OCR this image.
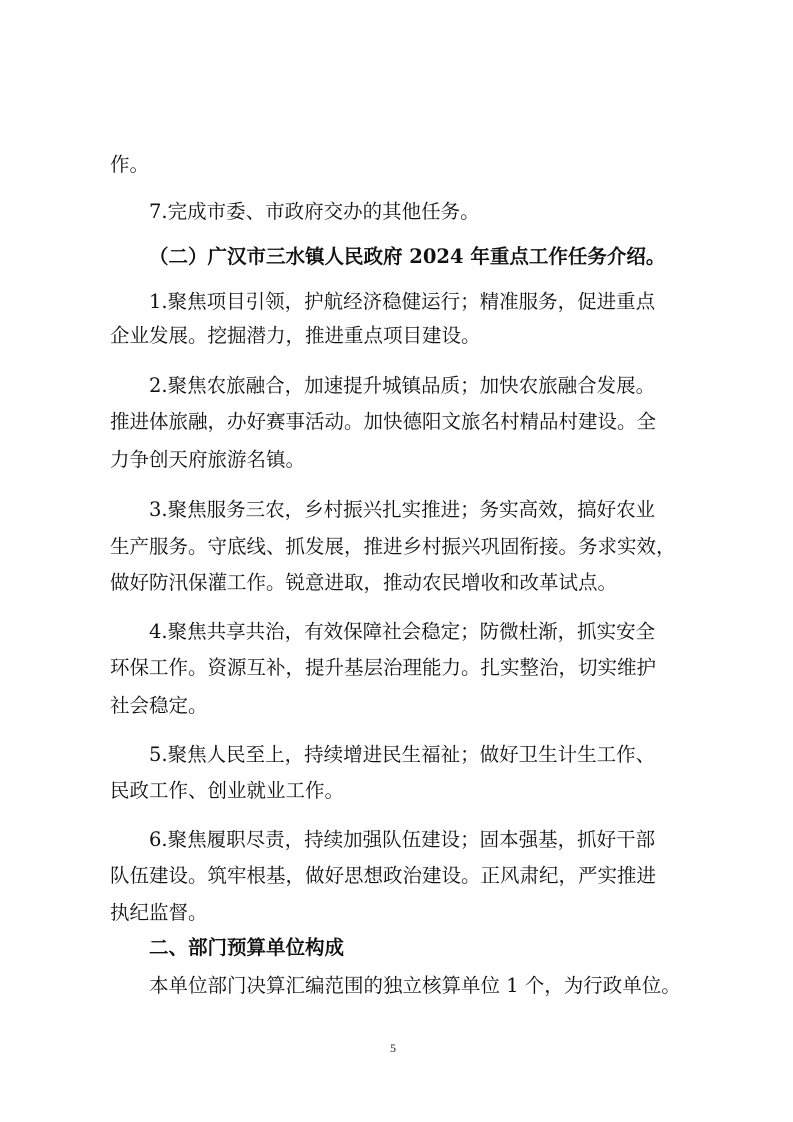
作。
7.完成市委、市政府交办的其他任务。
（二）广汉市三水镇人民政府 2024 年重点工作任务介绍。
1.聚焦项目引领，护航经济稳健运行；精准服务，促进重点
企业发展。挖掘潜力，推进重点项目建设。
2.聚焦农旅融合，加速提升城镇品质；加快农旅融合发展。
推进体旅融，办好赛事活动。加快德阳文旅名村精品村建设。全
力争创天府旅游名镇。
3.聚焦服务三农，乡村振兴扎实推进；务实高效，搞好农业
生产服务。守底线、抓发展，推进乡村振兴巩固衔接。务求实效，
做好防汛保灌工作。锐意进取，推动农民增收和改革试点。
4.聚焦共享共治，有效保障社会稳定；防微杜渐，抓实安全
环保工作。资源互补，提升基层治理能力。扎实整治，切实维护
社会稳定。
5.聚焦人民至上，持续增进民生福祉；做好卫生计生工作、
民政工作、创业就业工作。
6.聚焦履职尽责，持续加强队伍建设；固本强基，抓好干部
队伍建设。筑牢根基，做好思想政治建设。正风肃纪，严实推进
执纪监督。
二、部门预算单位构成
本单位部门决算汇编范围的独立核算单位 1 个，为行政单位。
5
